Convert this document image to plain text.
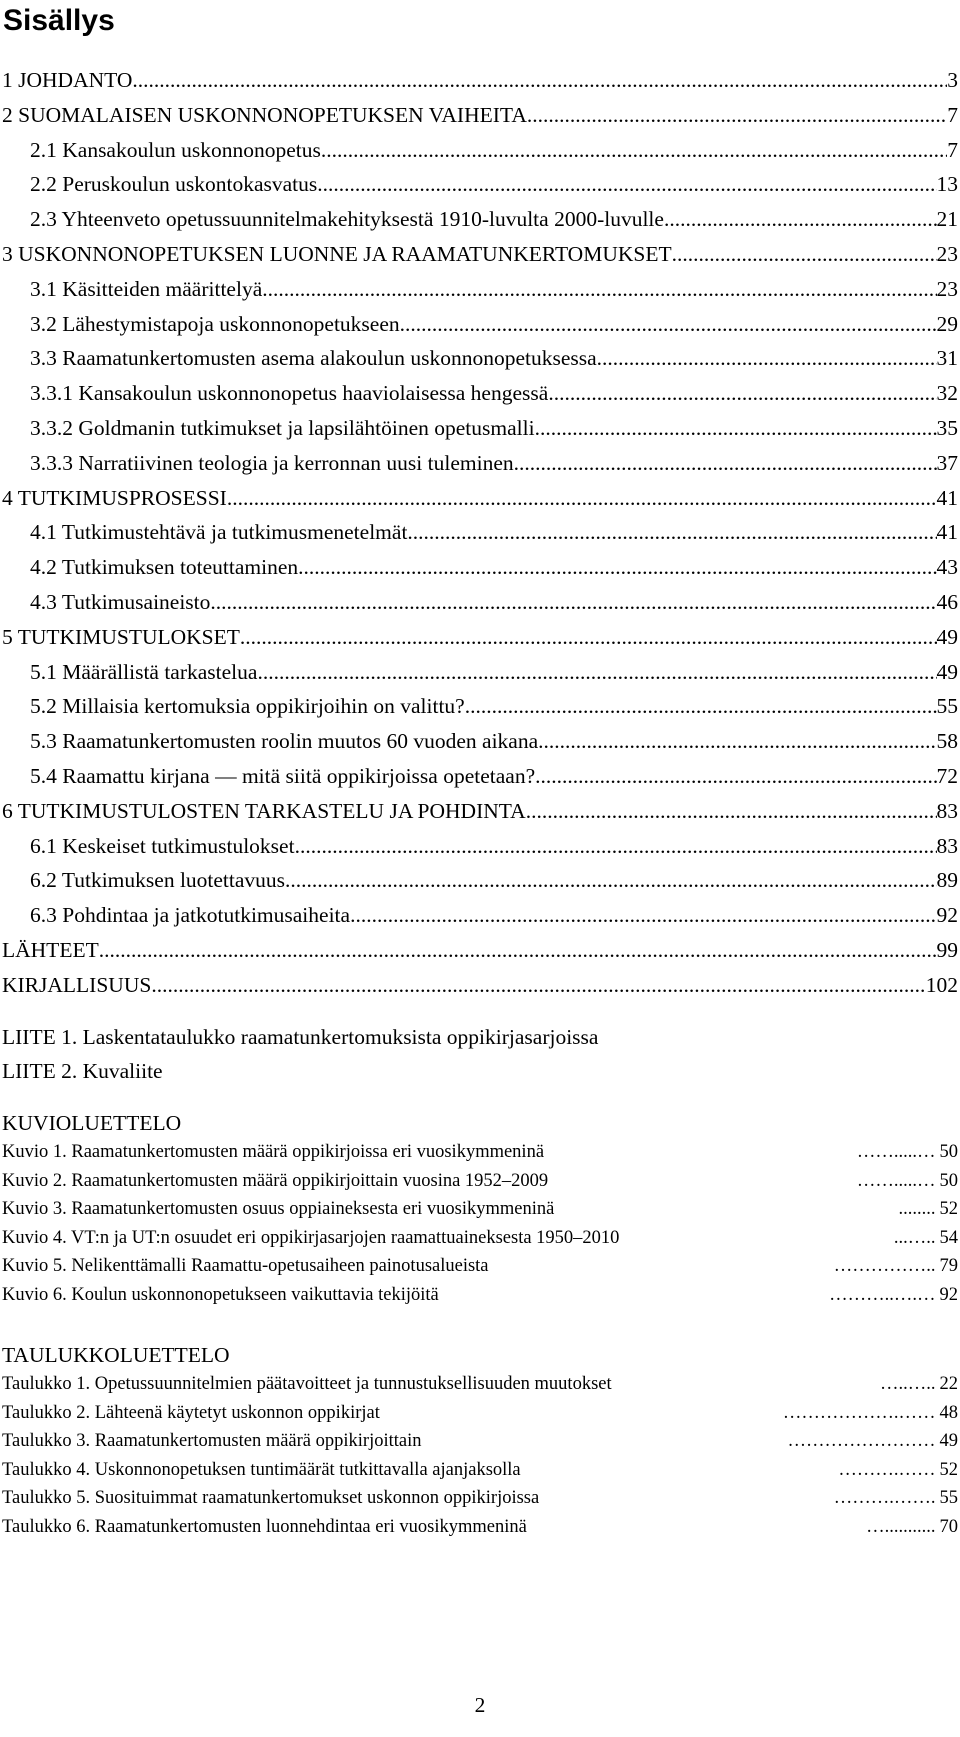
Sisällys
1 JOHDANTO .....	3
2 SUOMALAISEN USKONNONOPETUKSEN VAIHEITA .....	7
2.1 Kansakoulun uskonnonopetus .....	7
2.2 Peruskoulun uskontokasvatus .....	13
2.3 Yhteenveto opetussuunnitelmakehityksestä 1910-luvulta 2000-luvulle .....	21
3 USKONNONOPETUKSEN LUONNE JA RAAMATUNKERTOMUKSET .....	23
3.1 Käsitteiden määrittelyä .....	23
3.2 Lähestymistapoja uskonnonopetukseen .....	29
3.3 Raamatunkertomusten asema alakoulun uskonnonopetuksessa .....	31
3.3.1 Kansakoulun uskonnonopetus haaviolaisessa hengessä .....	32
3.3.2 Goldmanin tutkimukset ja lapsilähtöinen opetusmalli .....	35
3.3.3 Narratiivinen teologia ja kerronnan uusi tuleminen .....	37
4 TUTKIMUSPROSESSI .....	41
4.1 Tutkimustehtävä ja tutkimusmenetelmät .....	41
4.2 Tutkimuksen toteuttaminen .....	43
4.3 Tutkimusaineisto .....	46
5 TUTKIMUSTULOKSET .....	49
5.1 Määrällistä tarkastelua .....	49
5.2 Millaisia kertomuksia oppikirjoihin on valittu? .....	55
5.3 Raamatunkertomusten roolin muutos 60 vuoden aikana .....	58
5.4 Raamattu kirjana — mitä siitä oppikirjoissa opetetaan? .....	72
6 TUTKIMUSTULOSTEN TARKASTELU JA POHDINTA .....	83
6.1 Keskeiset tutkimustulokset .....	83
6.2 Tutkimuksen luotettavuus .....	89
6.3 Pohdintaa ja jatkotutkimusaiheita .....	92
LÄHTEET .....	99
KIRJALLISUUS .....	102
LIITE 1. Laskentataulukko raamatunkertomuksista oppikirjasarjoissa
LIITE 2. Kuvaliite
KUVIOLUETTELO
Kuvio 1. Raamatunkertomusten määrä oppikirjoissa eri vuosikymmeninä	…….....… 50
Kuvio 2. Raamatunkertomusten määrä oppikirjoittain vuosina 1952–2009	…….....… 50
Kuvio 3. Raamatunkertomusten osuus oppiaineksesta eri vuosikymmeninä	........ 52
Kuvio 4. VT:n ja UT:n osuudet eri oppikirjasarjojen raamattuaineksesta 1950–2010	...….. 54
Kuvio 5. Nelikenttämalli Raamattu-opetusaiheen painotusalueista	…………….. 79
Kuvio 6. Koulun uskonnonopetukseen vaikuttavia tekijöitä	………..….… 92
TAULUKKOLUETTELO
Taulukko 1. Opetussuunnitelmien päätavoitteet ja tunnustuksellisuuden muutokset	…..….. 22
Taulukko 2. Lähteenä käytetyt uskonnon oppikirjat	……………….…… 48
Taulukko 3. Raamatunkertomusten määrä oppikirjoittain	…………………… 49
Taulukko 4. Uskonnonopetuksen tuntimäärät tutkittavalla ajanjaksolla	……….…… 52
Taulukko 5. Suosituimmat raamatunkertomukset uskonnon oppikirjoissa	……….……. 55
Taulukko 6. Raamatunkertomusten luonnehdintaa eri vuosikymmeninä	…........... 70
2
